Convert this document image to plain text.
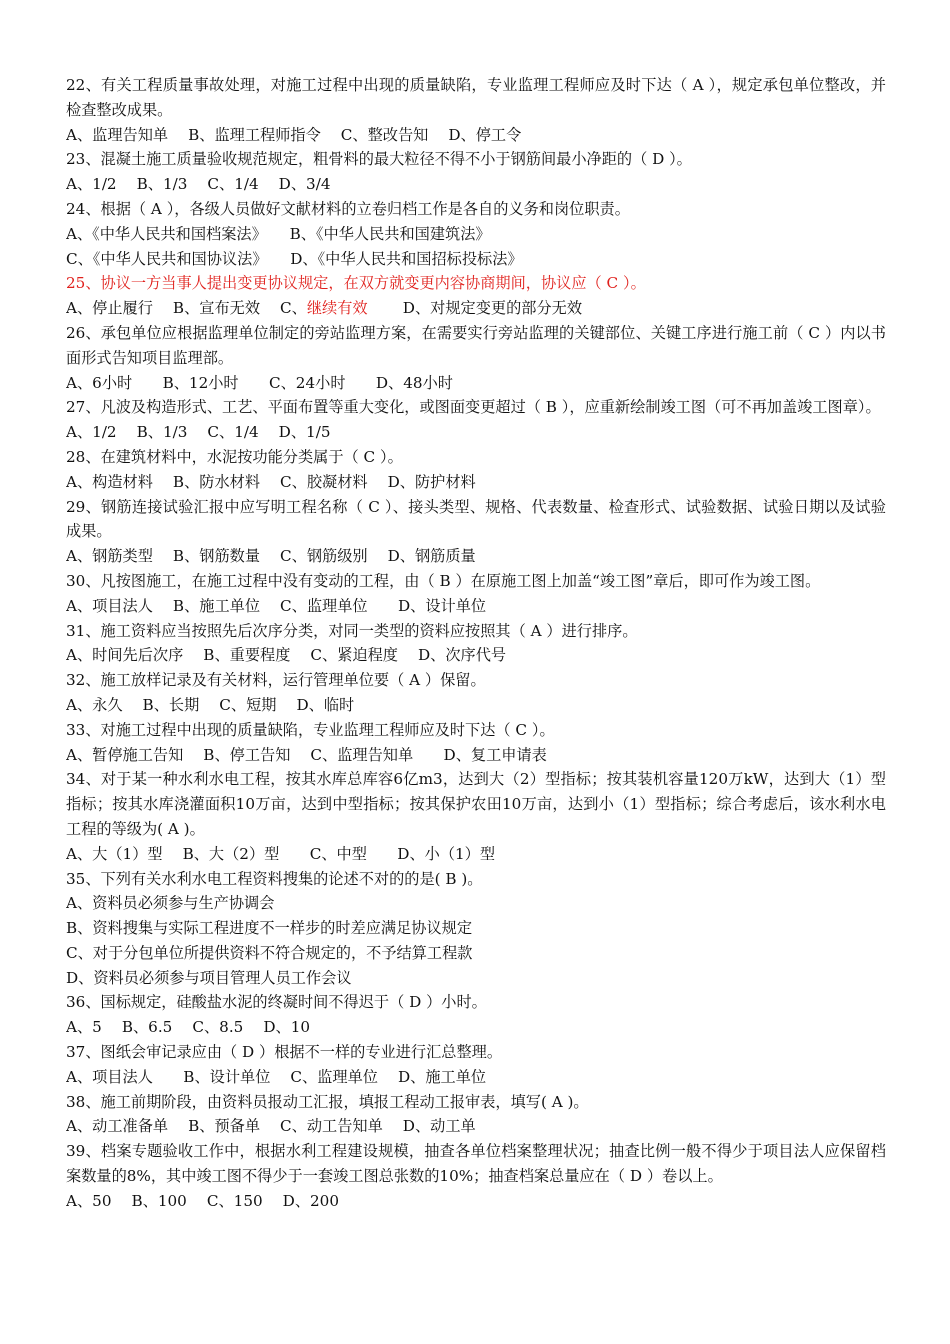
22、有关工程质量事故处理，对施工过程中出现的质量缺陷，专业监理工程师应及时下达（ A ），规定承包单位整改，并检查整改成果。
A、监理告知单　 B、监理工程师指令　 C、整改告知　 D、停工令
23、混凝土施工质量验收规范规定，粗骨料的最大粒径不得不小于钢筋间最小净距的（ D ）。
A、1/2　 B、1/3　 C、1/4　 D、3/4
24、根据（ A ），各级人员做好文献材料的立卷归档工作是各自的义务和岗位职责。
A、《中华人民共和国档案法》　　B、《中华人民共和国建筑法》
C、《中华人民共和国协议法》　　D、《中华人民共和国招标投标法》
25、协议一方当事人提出变更协议规定，在双方就变更内容协商期间，协议应（ C ）。
A、停止履行　 B、宣布无效　 C、继续有效　　 D、对规定变更的部分无效
26、承包单位应根据监理单位制定的旁站监理方案，在需要实行旁站监理的关键部位、关键工序进行施工前（ C ）内以书面形式告知项目监理部。
A、6小时　　B、12小时　　C、24小时　　D、48小时
27、凡波及构造形式、工艺、平面布置等重大变化，或图面变更超过（ B ），应重新绘制竣工图（可不再加盖竣工图章）。
A、1/2　 B、1/3　 C、1/4　 D、1/5
28、在建筑材料中，水泥按功能分类属于（ C ）。
A、构造材料　 B、防水材料　 C、胶凝材料　 D、防护材料
29、钢筋连接试验汇报中应写明工程名称（ C ）、接头类型、规格、代表数量、检查形式、试验数据、试验日期以及试验成果。
A、钢筋类型　 B、钢筋数量　 C、钢筋级别　 D、钢筋质量
30、凡按图施工，在施工过程中没有变动的工程，由（ B ）在原施工图上加盖“竣工图”章后，即可作为竣工图。
A、项目法人　 B、施工单位　 C、监理单位　　D、设计单位
31、施工资料应当按照先后次序分类，对同一类型的资料应按照其（ A ）进行排序。
A、时间先后次序　 B、重要程度　 C、紧迫程度　 D、次序代号
32、施工放样记录及有关材料，运行管理单位要（ A ）保留。
A、永久　 B、长期　 C、短期　 D、临时
33、对施工过程中出现的质量缺陷，专业监理工程师应及时下达（ C ）。
A、暂停施工告知　 B、停工告知　 C、监理告知单　　D、复工申请表
34、对于某一种水利水电工程，按其水库总库容6亿m3，达到大（2）型指标；按其装机容量120万kW，达到大（1）型指标；按其水库浇灌面积10万亩，达到中型指标；按其保护农田10万亩，达到小（1）型指标；综合考虑后，该水利水电工程的等级为( A )。
A、大（1）型　 B、大（2）型　　C、中型　　D、小（1）型
35、下列有关水利水电工程资料搜集的论述不对的的是( B )。
A、资料员必须参与生产协调会
B、资料搜集与实际工程进度不一样步的时差应满足协议规定
C、对于分包单位所提供资料不符合规定的，不予结算工程款
D、资料员必须参与项目管理人员工作会议
36、国标规定，硅酸盐水泥的终凝时间不得迟于（ D ）小时。
A、5　 B、6.5　 C、8.5　 D、10
37、图纸会审记录应由（ D ）根据不一样的专业进行汇总整理。
A、项目法人　　B、设计单位　 C、监理单位　 D、施工单位
38、施工前期阶段，由资料员报动工汇报，填报工程动工报审表，填写( A )。
A、动工准备单　 B、预备单　 C、动工告知单　 D、动工单
39、档案专题验收工作中，根据水利工程建设规模，抽查各单位档案整理状况；抽查比例一般不得少于项目法人应保留档案数量的8%，其中竣工图不得少于一套竣工图总张数的10%；抽查档案总量应在（ D ）卷以上。
A、50　 B、100　 C、150　 D、200
